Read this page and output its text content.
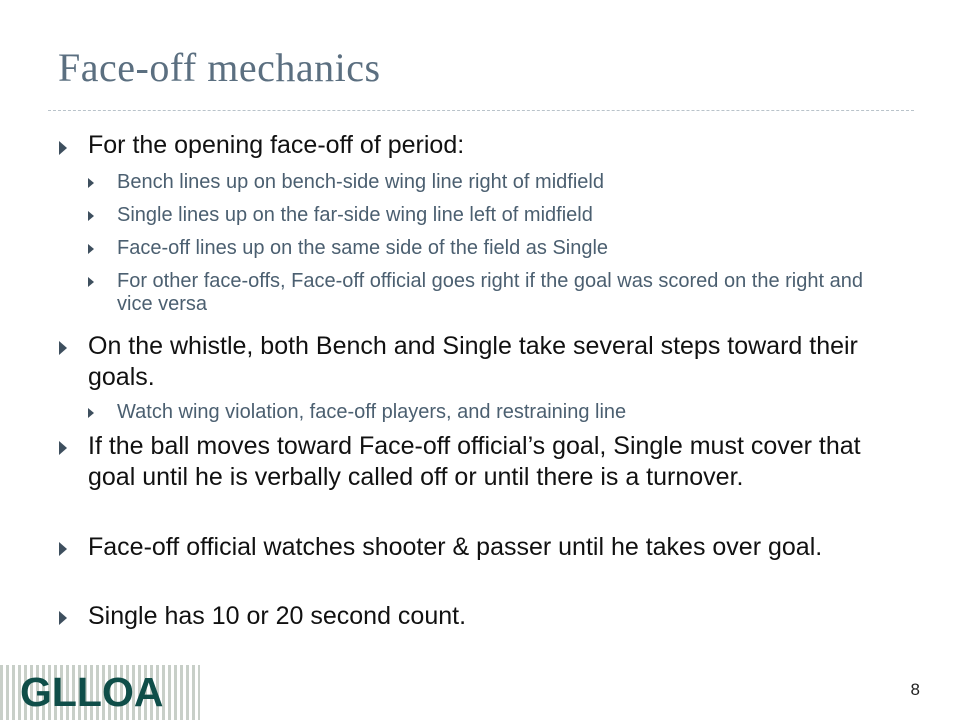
Face-off mechanics
For the opening face-off of period:
Bench lines up on bench-side wing line right of midfield
Single lines up on the far-side wing line left of midfield
Face-off lines up on the same side of the field as Single
For other face-offs, Face-off official goes right if the goal was scored on the right and vice versa
On the whistle, both Bench and Single take several steps toward their goals.
Watch wing violation, face-off players, and restraining line
If the ball moves toward Face-off official’s goal, Single must cover that goal until he is verbally called off or until there is a turnover.
Face-off official watches shooter & passer until he takes over goal.
Single has 10 or 20 second count.
GLLOA	8
